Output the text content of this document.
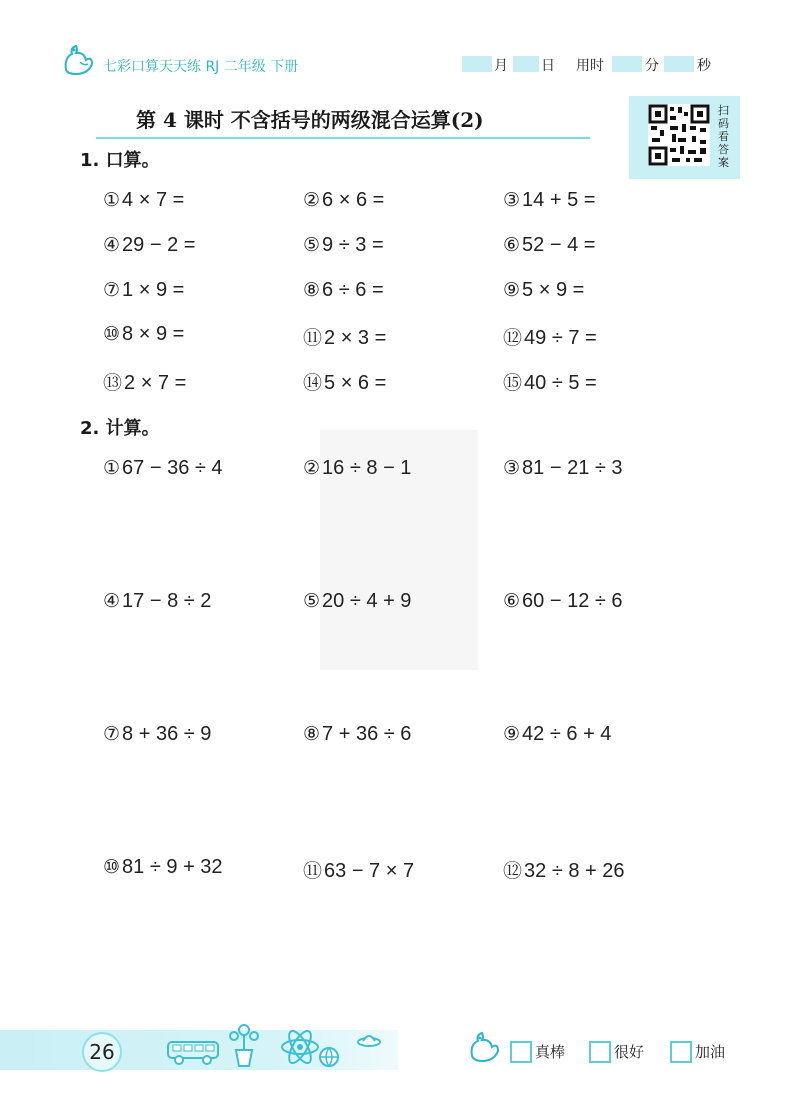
七彩口算天天练 RJ 二年级 下册	月 日 用时	分	秒
第 4 课时 不含括号的两级混合运算(2)	扫码看答案
1. 口算。
① 4 × 7 =	② 6 × 6 =	③ 14 + 5 =
④ 29 − 2 =	⑤ 9 ÷ 3 =	⑥ 52 − 4 =
⑦ 1 × 9 =	⑧ 6 ÷ 6 =	⑨ 5 × 9 =
⑩ 8 × 9 =	⑪ 2 × 3 =	⑫ 49 ÷ 7 =
⑬ 2 × 7 =	⑭ 5 × 6 =	⑮ 40 ÷ 5 =
2. 计算。
① 67 − 36 ÷ 4	② 16 ÷ 8 − 1	③ 81 − 21 ÷ 3
④ 17 − 8 ÷ 2	⑤ 20 ÷ 4 + 9	⑥ 60 − 12 ÷ 6
⑦ 8 + 36 ÷ 9	⑧ 7 + 36 ÷ 6	⑨ 42 ÷ 6 + 4
⑩ 81 ÷ 9 + 32	⑪ 63 − 7 × 7	⑫ 32 ÷ 8 + 26
26	真棒	很好	加油
